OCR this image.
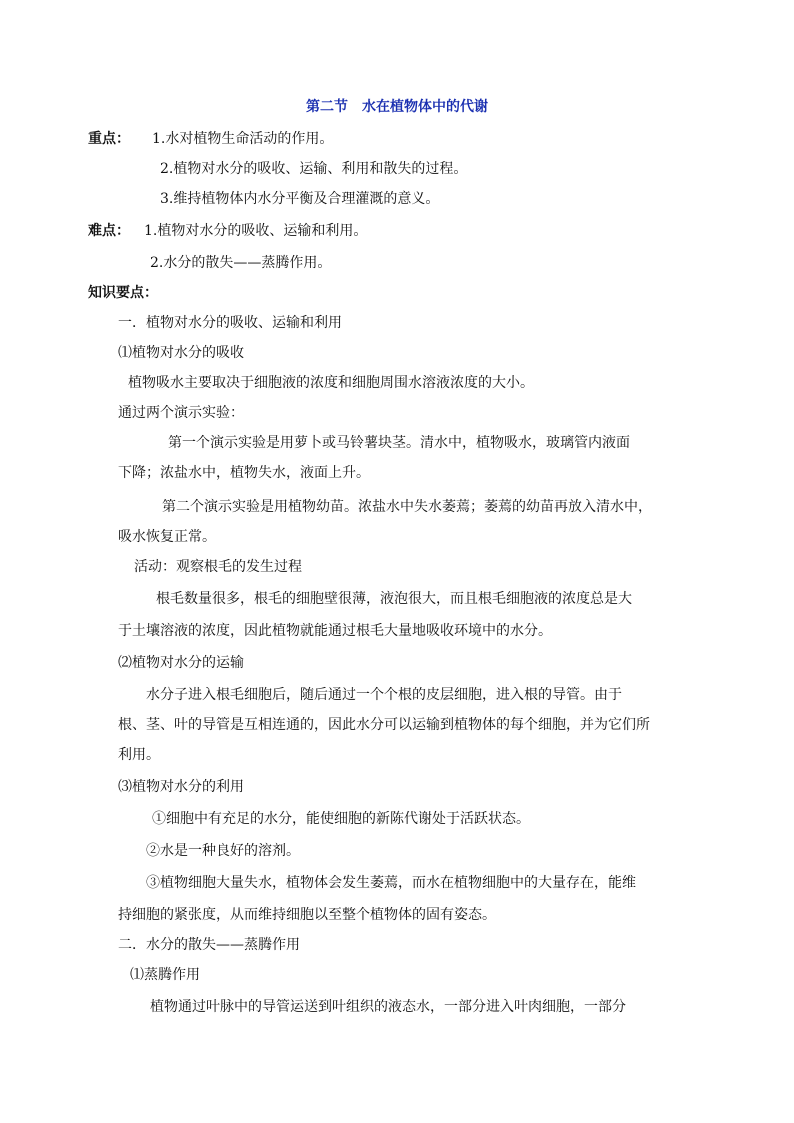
第二节　水在植物体中的代谢
重点： 1.水对植物生命活动的作用。
2.植物对水分的吸收、运输、利用和散失的过程。
3.维持植物体内水分平衡及合理灌溉的意义。
难点： 1.植物对水分的吸收、运输和利用。
2.水分的散失——蒸腾作用。
知识要点：
一．植物对水分的吸收、运输和利用
⑴植物对水分的吸收
植物吸水主要取决于细胞液的浓度和细胞周围水溶液浓度的大小。
通过两个演示实验：
第一个演示实验是用萝卜或马铃薯块茎。清水中，植物吸水，玻璃管内液面
下降；浓盐水中，植物失水，液面上升。
第二个演示实验是用植物幼苗。浓盐水中失水萎蔫；萎蔫的幼苗再放入清水中，
吸水恢复正常。
活动：观察根毛的发生过程
根毛数量很多，根毛的细胞壁很薄，液泡很大，而且根毛细胞液的浓度总是大
于土壤溶液的浓度，因此植物就能通过根毛大量地吸收环境中的水分。
⑵植物对水分的运输
水分子进入根毛细胞后，随后通过一个个根的皮层细胞，进入根的导管。由于
根、茎、叶的导管是互相连通的，因此水分可以运输到植物体的每个细胞，并为它们所
利用。
⑶植物对水分的利用
①细胞中有充足的水分，能使细胞的新陈代谢处于活跃状态。
②水是一种良好的溶剂。
③植物细胞大量失水，植物体会发生萎蔫，而水在植物细胞中的大量存在，能维
持细胞的紧张度，从而维持细胞以至整个植物体的固有姿态。
二．水分的散失——蒸腾作用
⑴蒸腾作用
植物通过叶脉中的导管运送到叶组织的液态水，一部分进入叶肉细胞，一部分
